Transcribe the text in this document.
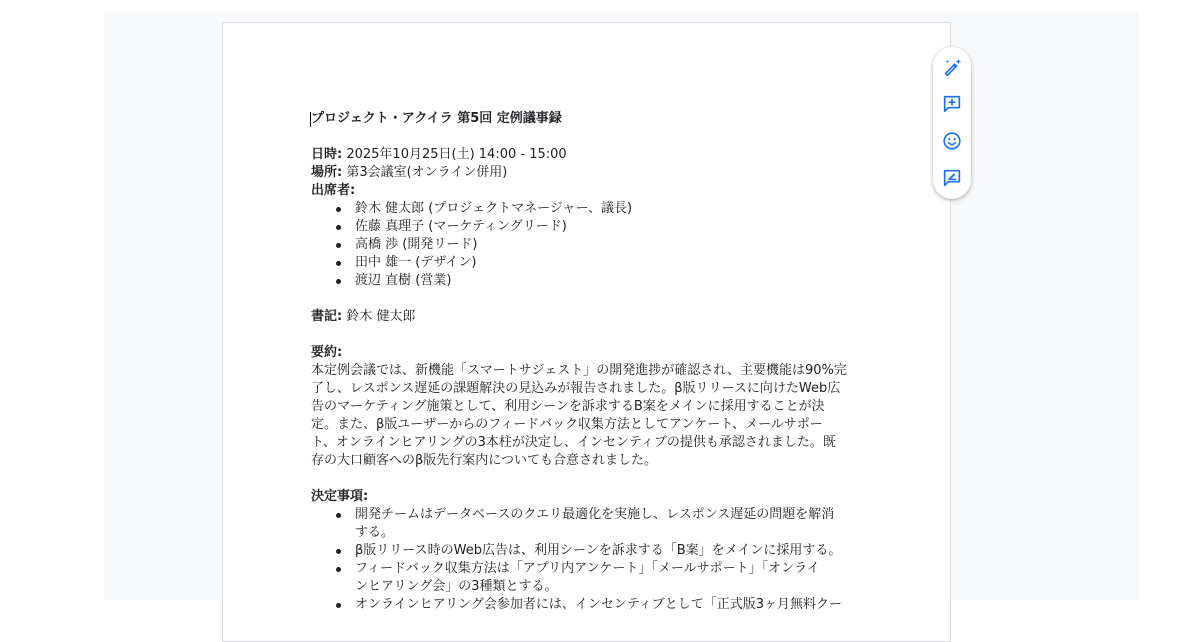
プロジェクト・アクイラ 第5回 定例議事録

日時: 2025年10月25日(土) 14:00 - 15:00

場所: 第3会議室(オンライン併用)

出席者:

鈴木 健太郎 (プロジェクトマネージャー、議長)
佐藤 真理子 (マーケティングリード)
高橋 渉 (開発リード)
田中 雄一 (デザイン)
渡辺 直樹 (営業)

書記: 鈴木 健太郎

要約:

本定例会議では、新機能「スマートサジェスト」の開発進捗が確認され、主要機能は90%完
了し、レスポンス遅延の課題解決の見込みが報告されました。β版リリースに向けたWeb広
告のマーケティング施策として、利用シーンを訴求するB案をメインに採用することが決
定。また、β版ユーザーからのフィードバック収集方法としてアンケート、メールサポー
ト、オンラインヒアリングの3本柱が決定し、インセンティブの提供も承認されました。既
存の大口顧客へのβ版先行案内についても合意されました。

決定事項:

開発チームはデータベースのクエリ最適化を実施し、レスポンス遅延の問題を解消
する。
β版リリース時のWeb広告は、利用シーンを訴求する「B案」をメインに採用する。
フィードバック収集方法は「アプリ内アンケート」「メールサポート」「オンライ
ンヒアリング会」の3種類とする。
オンラインヒアリング会参加者には、インセンティブとして「正式版3ヶ月無料クー
